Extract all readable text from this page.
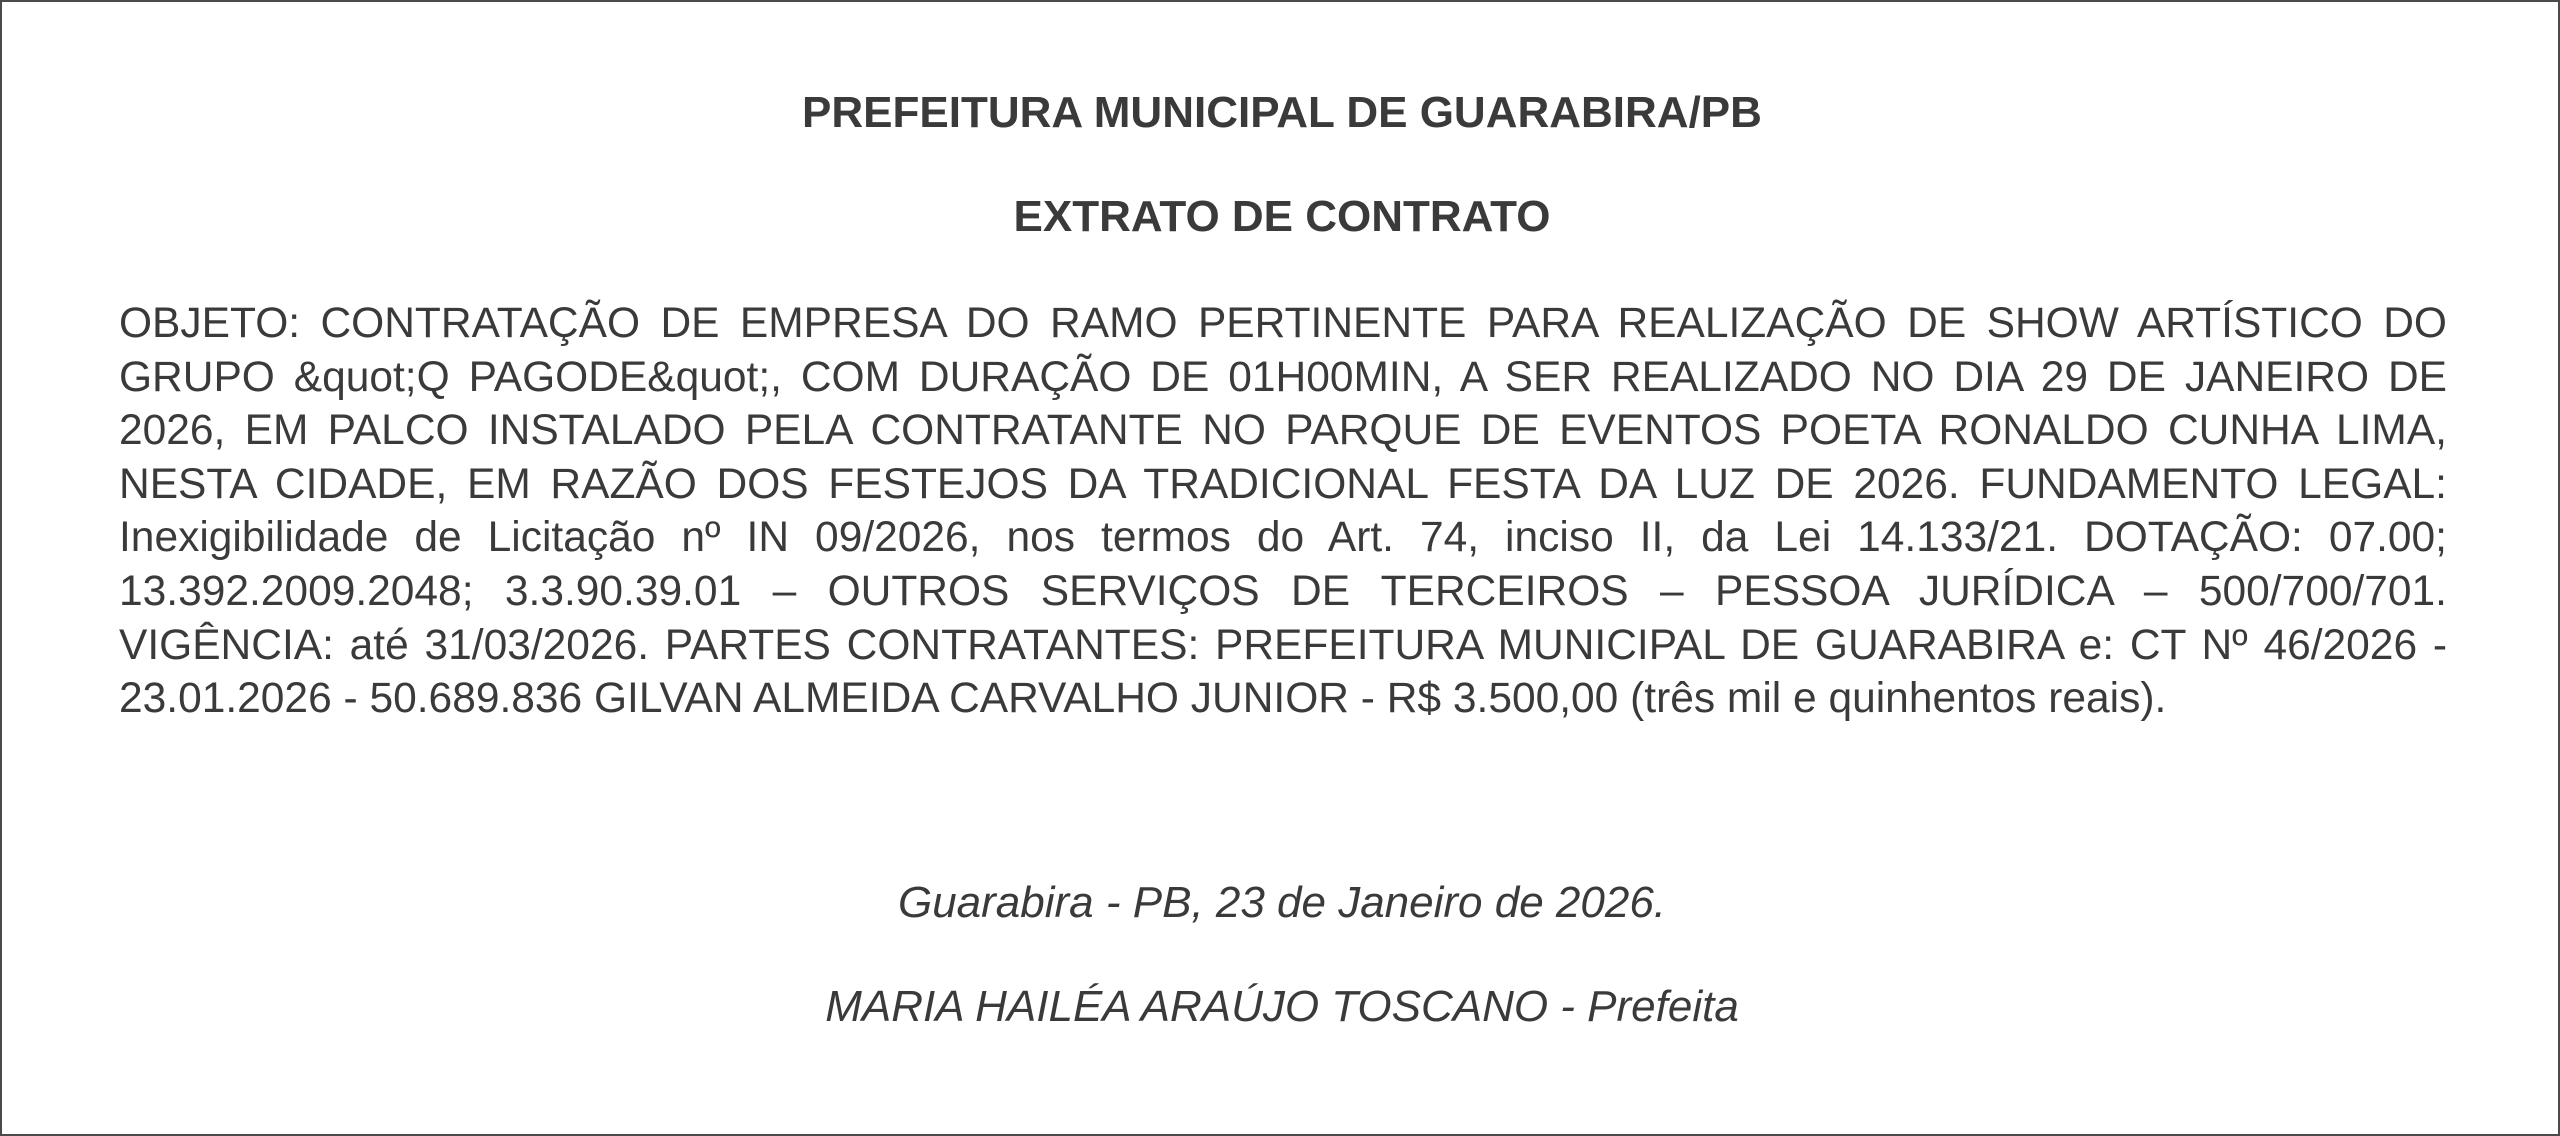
PREFEITURA MUNICIPAL DE GUARABIRA/PB
EXTRATO DE CONTRATO
OBJETO: CONTRATAÇÃO DE EMPRESA DO RAMO PERTINENTE PARA REALIZAÇÃO DE SHOW ARTÍSTICO DO GRUPO &quot;Q PAGODE&quot;, COM DURAÇÃO DE 01H00MIN, A SER REALIZADO NO DIA 29 DE JANEIRO DE 2026, EM PALCO INSTALADO PELA CONTRATANTE NO PARQUE DE EVENTOS POETA RONALDO CUNHA LIMA, NESTA CIDADE, EM RAZÃO DOS FESTEJOS DA TRADICIONAL FESTA DA LUZ DE 2026. FUNDAMENTO LEGAL: Inexigibilidade de Licitação nº IN 09/2026, nos termos do Art. 74, inciso II, da Lei 14.133/21. DOTAÇÃO: 07.00; 13.392.2009.2048; 3.3.90.39.01 – OUTROS SERVIÇOS DE TERCEIROS – PESSOA JURÍDICA – 500/700/701. VIGÊNCIA: até 31/03/2026. PARTES CONTRATANTES: PREFEITURA MUNICIPAL DE GUARABIRA e: CT Nº 46/2026 - 23.01.2026 - 50.689.836 GILVAN ALMEIDA CARVALHO JUNIOR - R$ 3.500,00 (três mil e quinhentos reais).
Guarabira - PB, 23 de Janeiro de 2026.
MARIA HAILÉA ARAÚJO TOSCANO - Prefeita
